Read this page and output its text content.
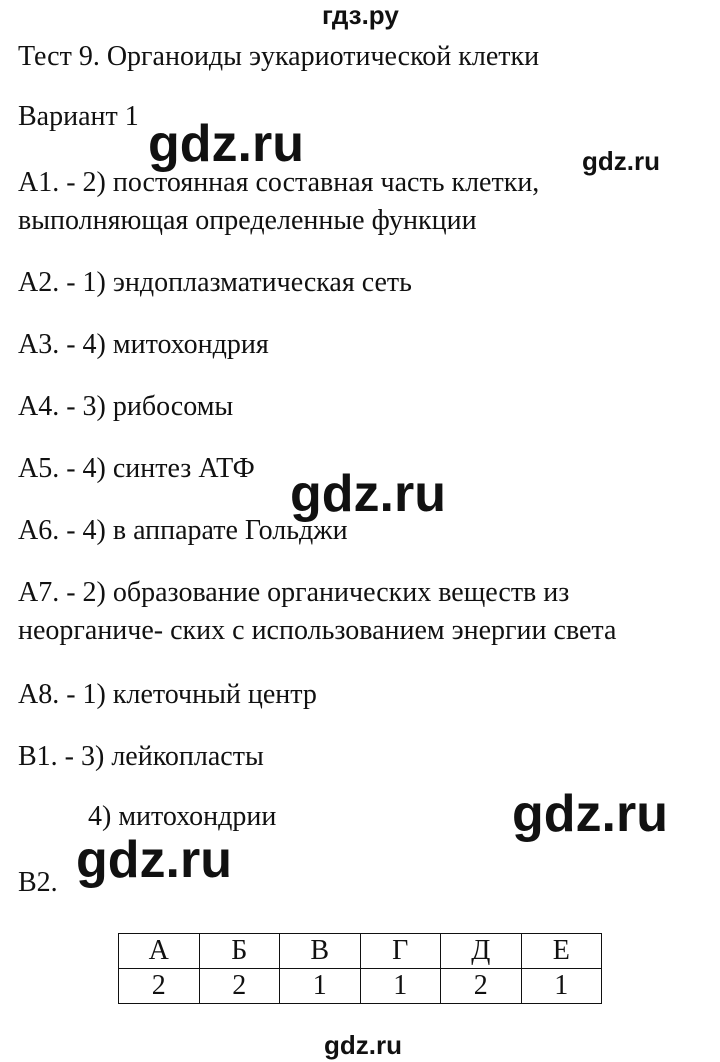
гдз.ру
Тест 9. Органоиды эукариотической клетки
Вариант 1 gdz.ru	gdz.ru
А1. - 2) постоянная составная часть клетки,
выполняющая определенные функции
А2. - 1) эндоплазматическая сеть
А3. - 4) митохондрия
А4. - 3) рибосомы
А5. - 4) синтез АТФ gdz.ru
А6. - 4) в аппарате Гольджи
А7. - 2) образование органических веществ из
неорганиче- ских с использованием энергии света
А8. - 1) клеточный центр
В1. - 3) лейкопласты
4) митохондрии	gdz.ru
gdz.ru
В2.
А	Б	В	Г	Д	Е
2	2	1	1	2	1
gdz.ru
